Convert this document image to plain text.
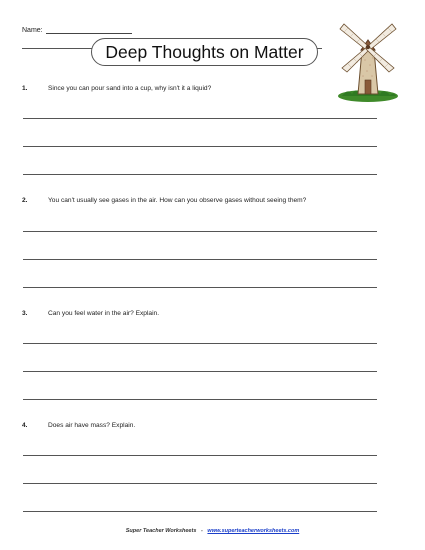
Name:
Deep Thoughts on Matter
1.	Since you can pour sand into a cup, why isn't it a liquid?
2.	You can't usually see gases in the air. How can you observe gases without seeing them?
3.	Can you feel water in the air? Explain.
4.	Does air have mass? Explain.
Super Teacher Worksheets - www.superteacherworksheets.com
